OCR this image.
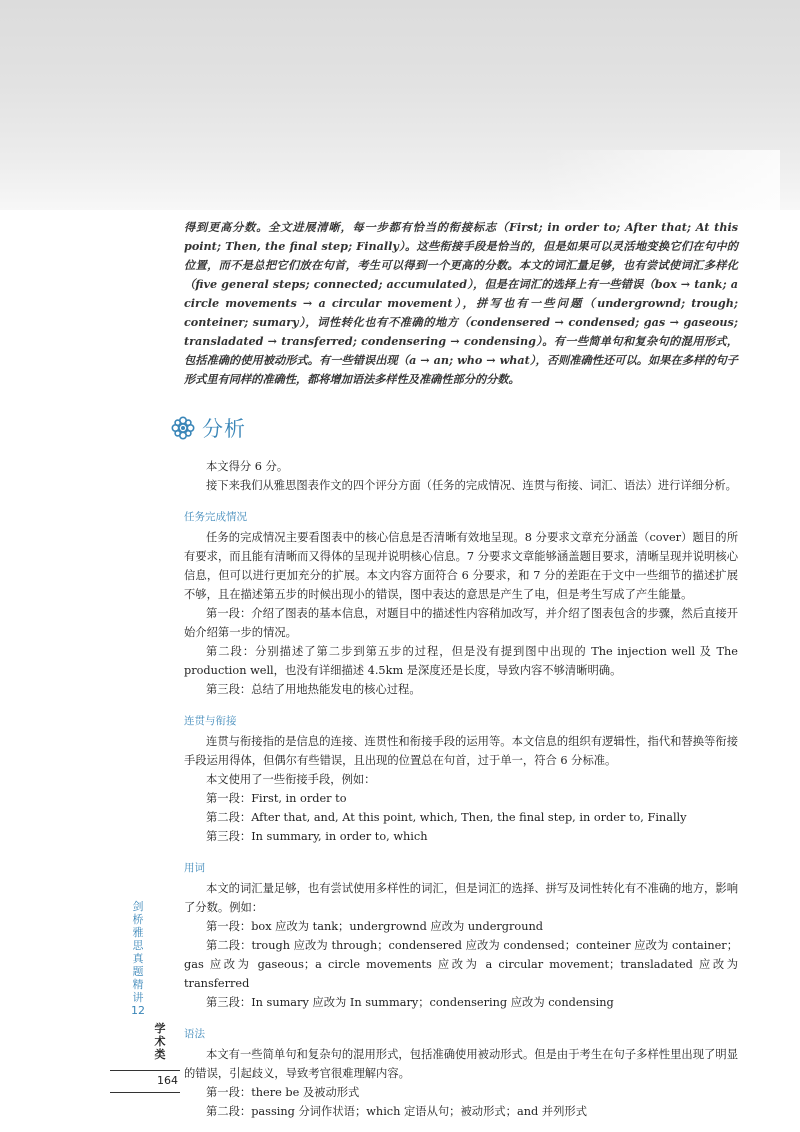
得到更高分数。全文进展清晰，每一步都有恰当的衔接标志（First; in order to; After that; At this point; Then, the final step; Finally）。这些衔接手段是恰当的，但是如果可以灵活地变换它们在句中的位置，而不是总把它们放在句首，考生可以得到一个更高的分数。本文的词汇量足够，也有尝试使词汇多样化（five general steps; connected; accumulated），但是在词汇的选择上有一些错误（box → tank; a circle movements → a circular movement），拼写也有一些问题（undergrownd; trough; conteiner; sumary），词性转化也有不准确的地方（condensered → condensed; gas → gaseous; transladated → transferred; condensering → condensing）。有一些简单句和复杂句的混用形式，包括准确的使用被动形式。有一些错误出现（a → an; who → what），否则准确性还可以。如果在多样的句子形式里有同样的准确性，都将增加语法多样性及准确性部分的分数。

分析

本文得分 6 分。

接下来我们从雅思图表作文的四个评分方面（任务的完成情况、连贯与衔接、词汇、语法）进行详细分析。

任务完成情况

任务的完成情况主要看图表中的核心信息是否清晰有效地呈现。8 分要求文章充分涵盖（cover）题目的所有要求，而且能有清晰而又得体的呈现并说明核心信息。7 分要求文章能够涵盖题目要求，清晰呈现并说明核心信息，但可以进行更加充分的扩展。本文内容方面符合 6 分要求，和 7 分的差距在于文中一些细节的描述扩展不够，且在描述第五步的时候出现小的错误，图中表达的意思是产生了电，但是考生写成了产生能量。

第一段：介绍了图表的基本信息，对题目中的描述性内容稍加改写，并介绍了图表包含的步骤，然后直接开始介绍第一步的情况。

第二段：分别描述了第二步到第五步的过程，但是没有提到图中出现的 The injection well 及 The production well，也没有详细描述 4.5km 是深度还是长度，导致内容不够清晰明确。

第三段：总结了用地热能发电的核心过程。

连贯与衔接

连贯与衔接指的是信息的连接、连贯性和衔接手段的运用等。本文信息的组织有逻辑性，指代和替换等衔接手段运用得体，但偶尔有些错误，且出现的位置总在句首，过于单一，符合 6 分标准。

本文使用了一些衔接手段，例如：

第一段：First, in order to

第二段：After that, and, At this point, which, Then, the final step, in order to, Finally

第三段：In summary, in order to, which

用词

本文的词汇量足够，也有尝试使用多样性的词汇，但是词汇的选择、拼写及词性转化有不准确的地方，影响了分数。例如：

第一段：box 应改为 tank；undergrownd 应改为 underground

第二段：trough 应改为 through；condensered 应改为 condensed；conteiner 应改为 container；gas 应改为 gaseous；a circle movements 应改为 a circular movement；transladated 应改为 transferred

第三段：In sumary 应改为 In summary；condensering 应改为 condensing

语法

本文有一些简单句和复杂句的混用形式，包括准确使用被动形式。但是由于考生在句子多样性里出现了明显的错误，引起歧义，导致考官很难理解内容。

第一段：there be 及被动形式

第二段：passing 分词作状语；which 定语从句；被动形式；and 并列形式

剑桥雅思真题精讲12
学术类
164
